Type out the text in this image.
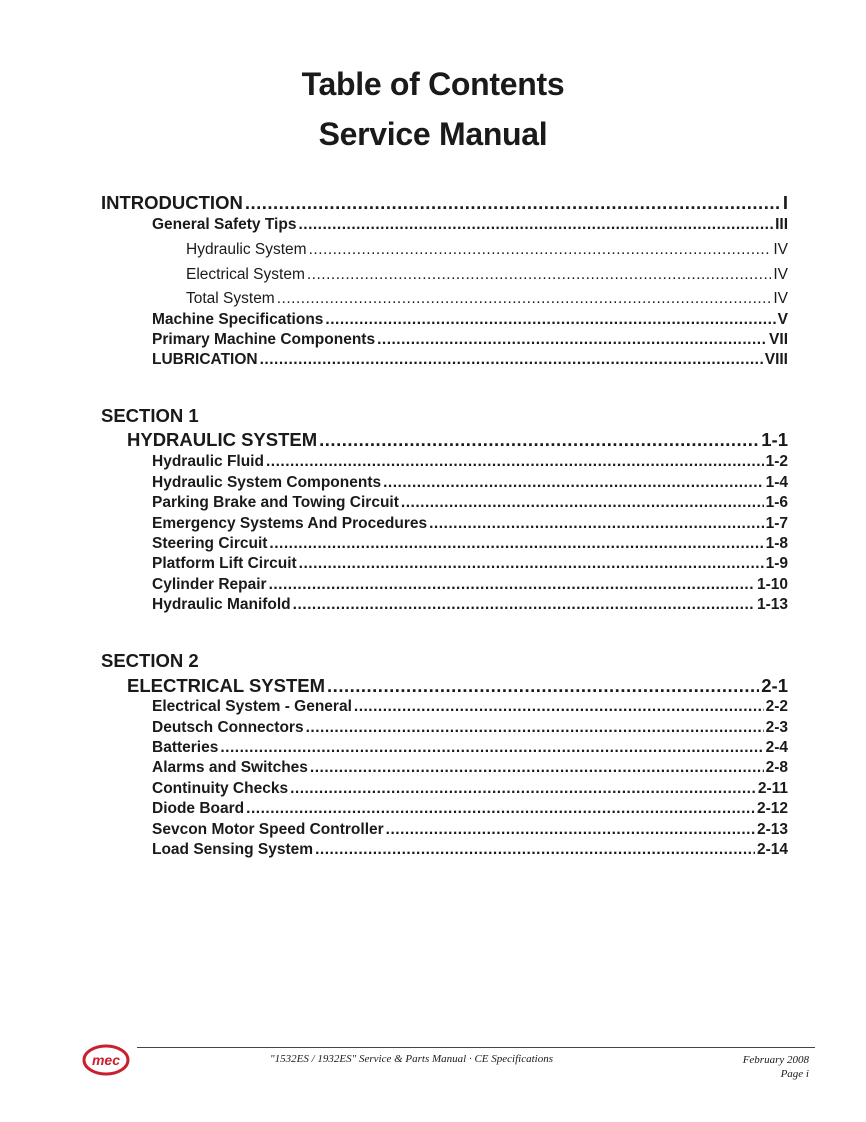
Table of Contents
Service Manual
INTRODUCTION .....	I
General Safety Tips .....	III
Hydraulic System .....	IV
Electrical System .....	IV
Total System .....	IV
Machine Specifications .....	V
Primary Machine Components .....	VII
LUBRICATION .....	VIII
SECTION 1
HYDRAULIC SYSTEM .....	1-1
Hydraulic Fluid .....	1-2
Hydraulic System Components .....	1-4
Parking Brake and Towing Circuit .....	1-6
Emergency Systems And Procedures .....	1-7
Steering Circuit .....	1-8
Platform Lift Circuit .....	1-9
Cylinder Repair .....	1-10
Hydraulic Manifold .....	1-13
SECTION 2
ELECTRICAL SYSTEM .....	2-1
Electrical System - General .....	2-2
Deutsch Connectors .....	2-3
Batteries .....	2-4
Alarms and Switches .....	2-8
Continuity Checks .....	2-11
Diode Board .....	2-12
Sevcon Motor Speed Controller .....	2-13
Load Sensing System .....	2-14
mec	"1532ES / 1932ES" Service & Parts Manual · CE Specifications	February 2008
Page i
